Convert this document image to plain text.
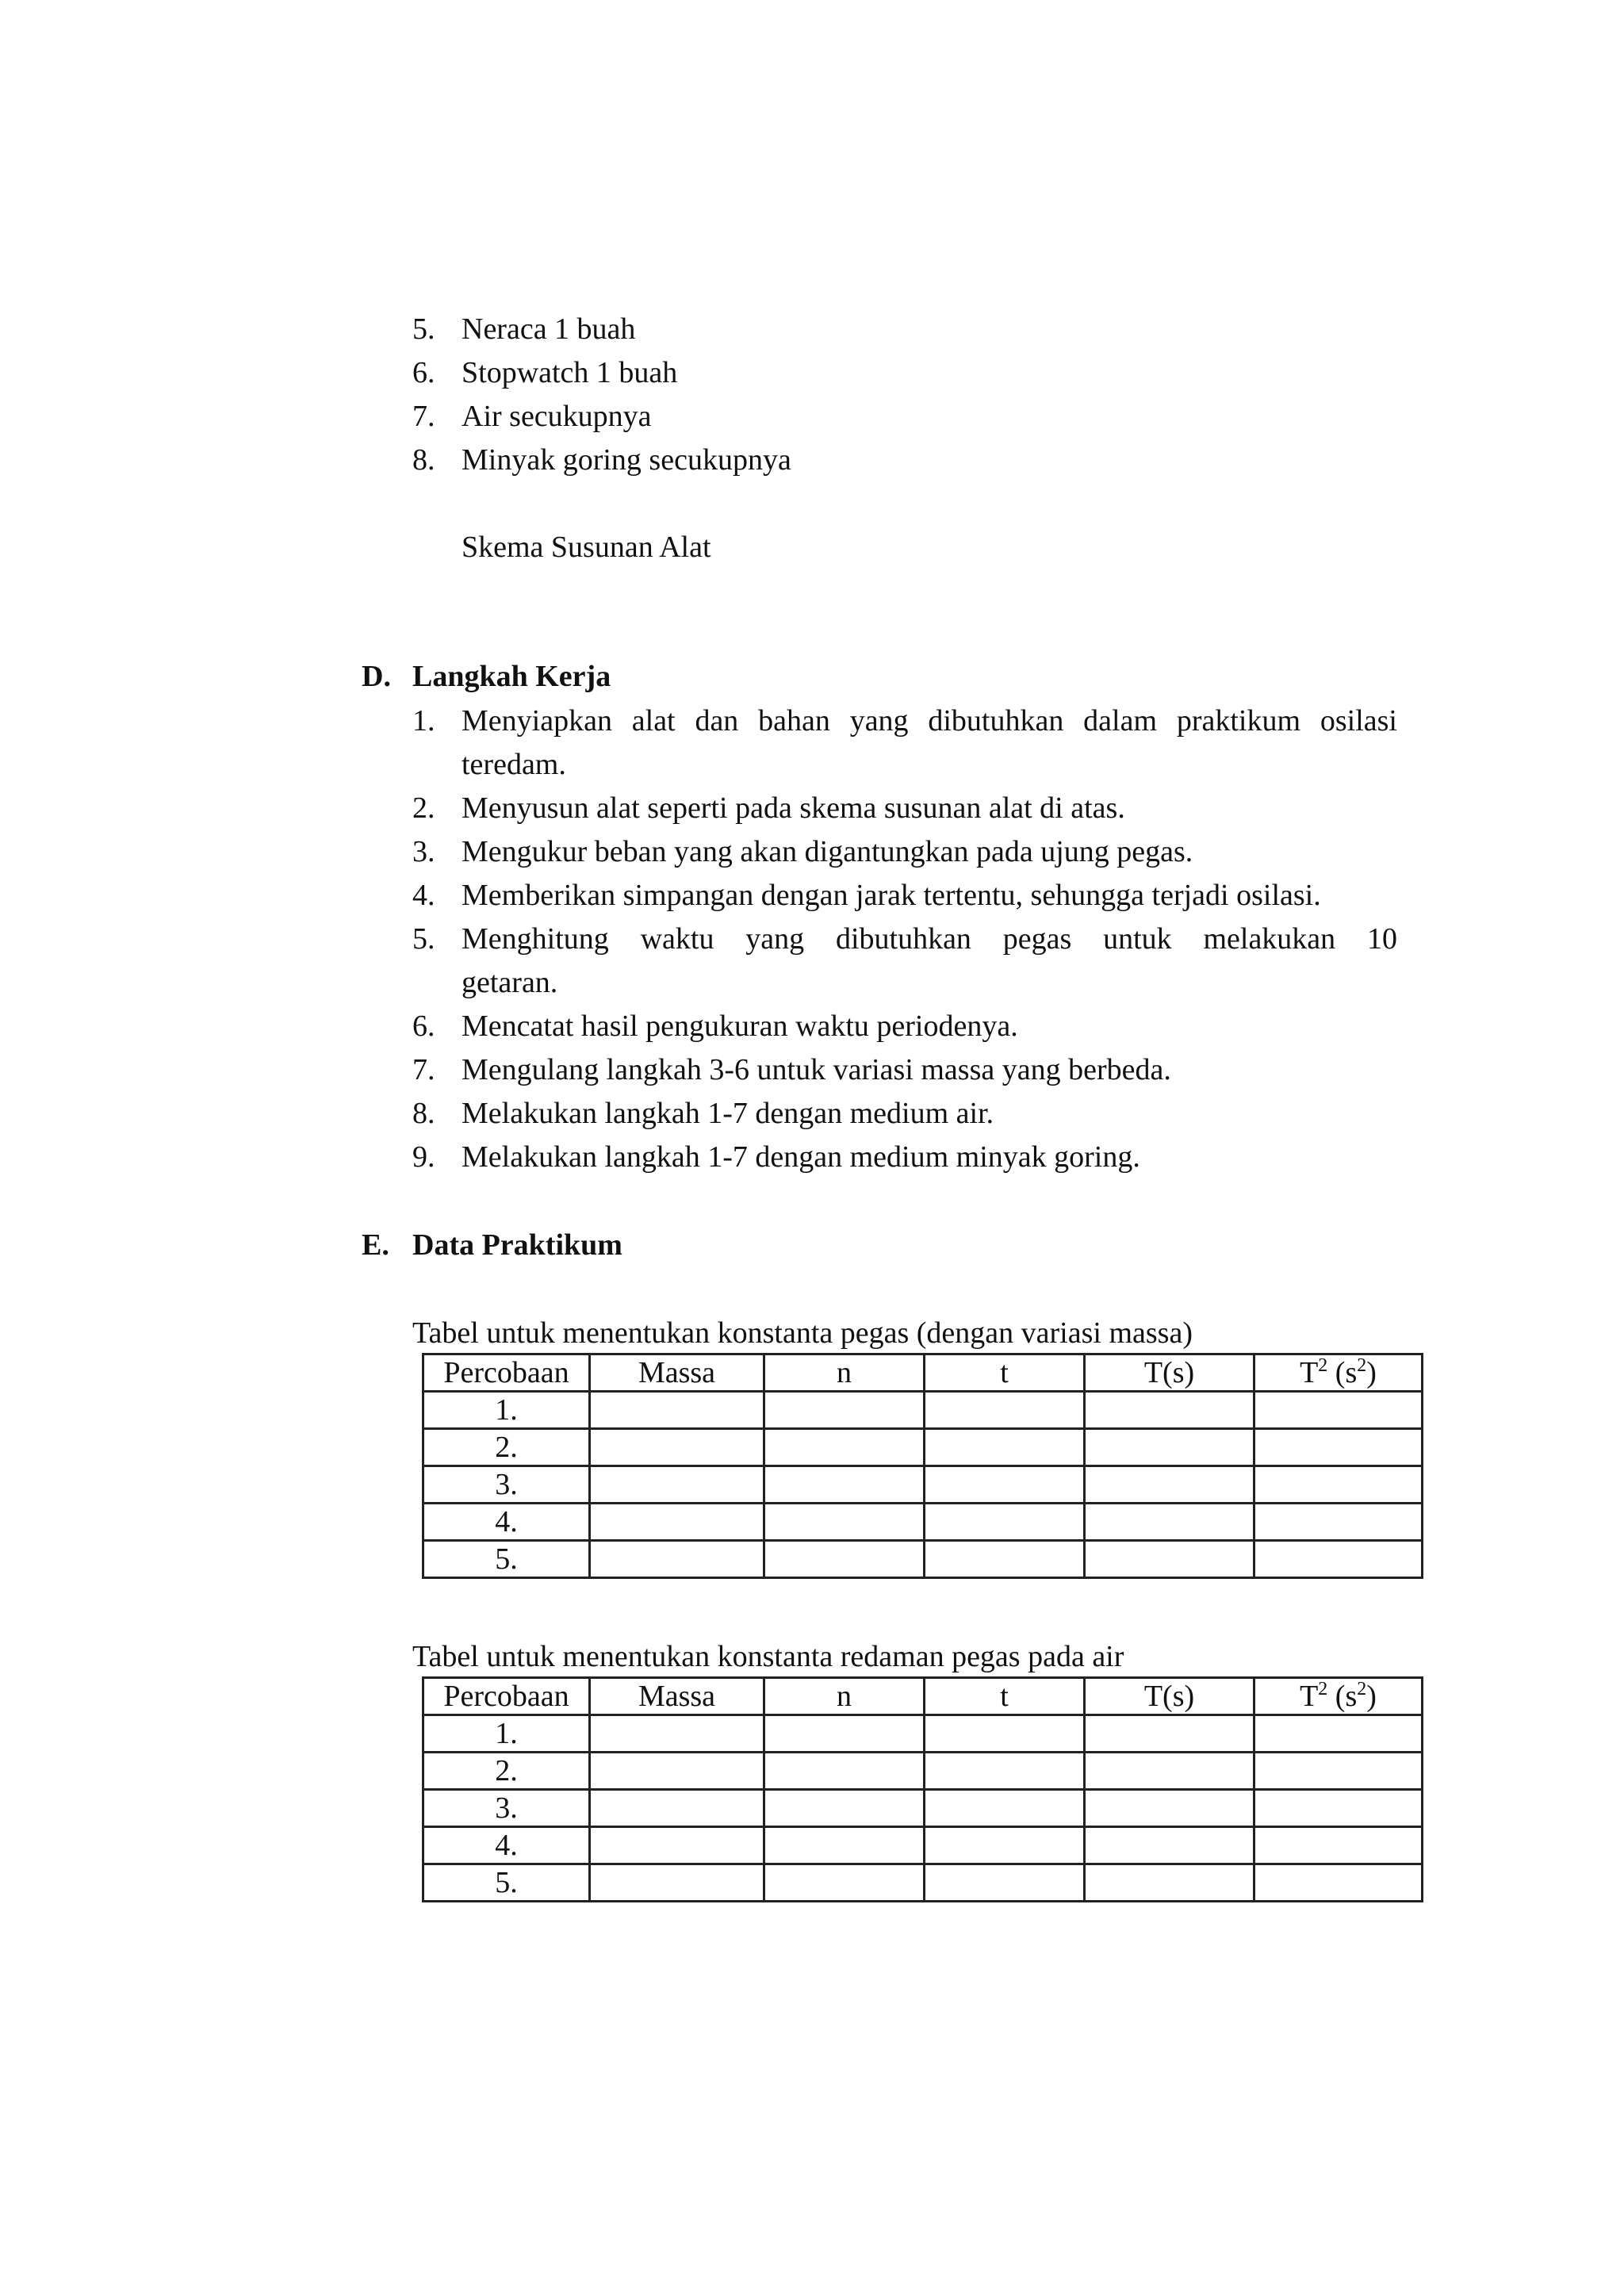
5. Neraca 1 buah
6. Stopwatch 1 buah
7. Air secukupnya
8. Minyak goring secukupnya
Skema Susunan Alat
D. Langkah Kerja
1. Menyiapkan alat dan bahan yang dibutuhkan dalam praktikum osilasi
teredam.
2. Menyusun alat seperti pada skema susunan alat di atas.
3. Mengukur beban yang akan digantungkan pada ujung pegas.
4. Memberikan simpangan dengan jarak tertentu, sehungga terjadi osilasi.
5. Menghitung waktu yang dibutuhkan pegas untuk melakukan 10
getaran.
6. Mencatat hasil pengukuran waktu periodenya.
7. Mengulang langkah 3-6 untuk variasi massa yang berbeda.
8. Melakukan langkah 1-7 dengan medium air.
9. Melakukan langkah 1-7 dengan medium minyak goring.
E. Data Praktikum
Tabel untuk menentukan konstanta pegas (dengan variasi massa)
Percobaan	Massa	n	t	T(s)	$T^2$ $(s^2)$
1.					
2.					
3.					
4.					
5.					
Tabel untuk menentukan konstanta redaman pegas pada air
Percobaan	Massa	n	t	T(s)	$T^2$ $(s^2)$
1.					
2.					
3.					
4.					
5.					
